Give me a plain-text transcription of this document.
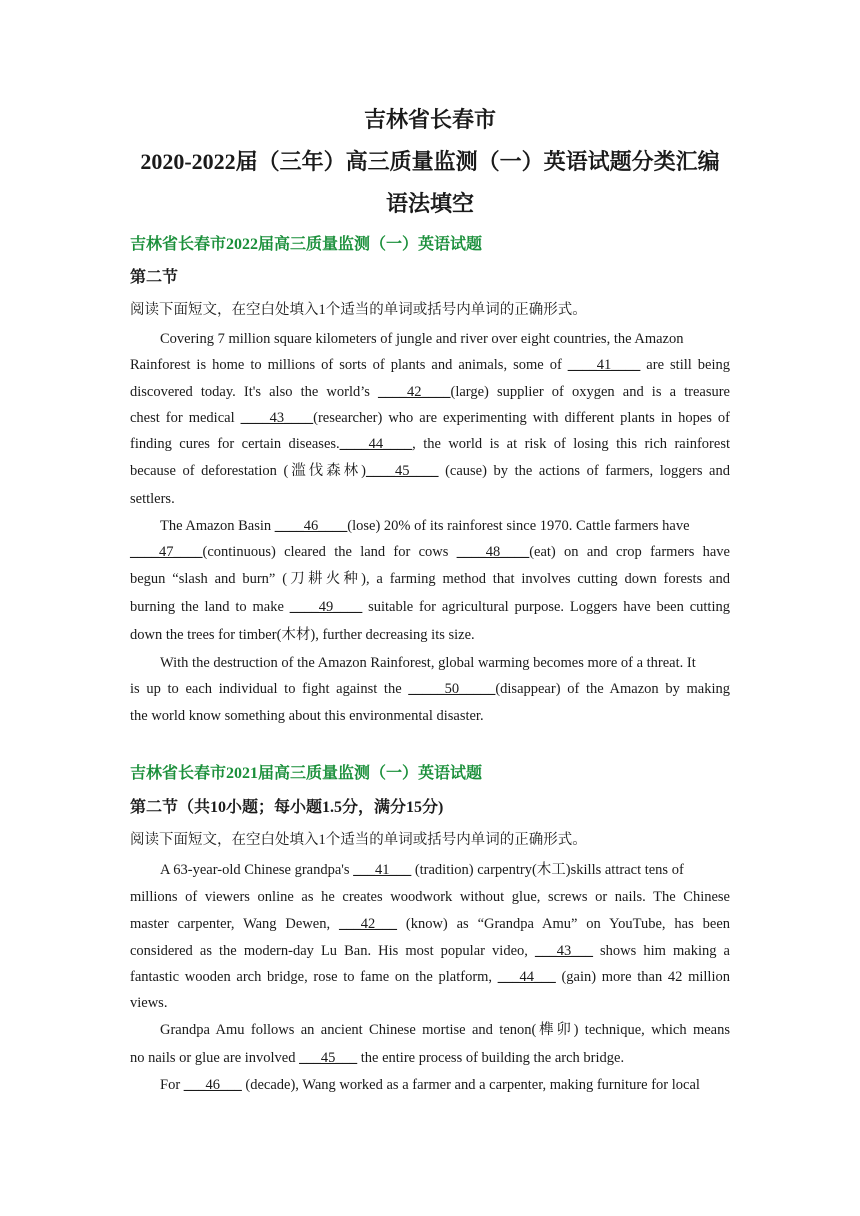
吉林省长春市
2020-2022届（三年）高三质量监测（一）英语试题分类汇编
语法填空
吉林省长春市2022届高三质量监测（一）英语试题
第二节
阅读下面短文，在空白处填入1个适当的单词或括号内单词的正确形式。
Covering 7 million square kilometers of jungle and river over eight countries, the Amazon
Rainforest is home to millions of sorts of plants and animals, some of ____41____ are still being
discovered today. It's also the world’s ____42____(large) supplier of oxygen and is a treasure
chest for medical ____43____(researcher) who are experimenting with different plants in hopes of
finding cures for certain diseases.____44____, the world is at risk of losing this rich rainforest
because of deforestation (滥伐森林)____45____ (cause) by the actions of farmers, loggers and
settlers.
The Amazon Basin ____46____(lose) 20% of its rainforest since 1970. Cattle farmers have
____47____(continuous) cleared the land for cows ____48____(eat) on and crop farmers have
begun “slash and burn” (刀耕火种), a farming method that involves cutting down forests and
burning the land to make ____49____ suitable for agricultural purpose. Loggers have been cutting
down the trees for timber(木材), further decreasing its size.
With the destruction of the Amazon Rainforest, global warming becomes more of a threat. It
is up to each individual to fight against the _____50_____(disappear) of the Amazon by making
the world know something about this environmental disaster.
吉林省长春市2021届高三质量监测（一）英语试题
第二节（共10小题；每小题1.5分，满分15分)
阅读下面短文，在空白处填入1个适当的单词或括号内单词的正确形式。
A 63-year-old Chinese grandpa's ___41___ (tradition) carpentry(木工)skills attract tens of
millions of viewers online as he creates woodwork without glue, screws or nails. The Chinese
master carpenter, Wang Dewen, ___42___ (know) as “Grandpa Amu” on YouTube, has been
considered as the modern-day Lu Ban. His most popular video, ___43___ shows him making a
fantastic wooden arch bridge, rose to fame on the platform, ___44___ (gain) more than 42 million
views.
Grandpa Amu follows an ancient Chinese mortise and tenon(榫卯) technique, which means
no nails or glue are involved ___45___ the entire process of building the arch bridge.
For ___46___ (decade), Wang worked as a farmer and a carpenter, making furniture for local
